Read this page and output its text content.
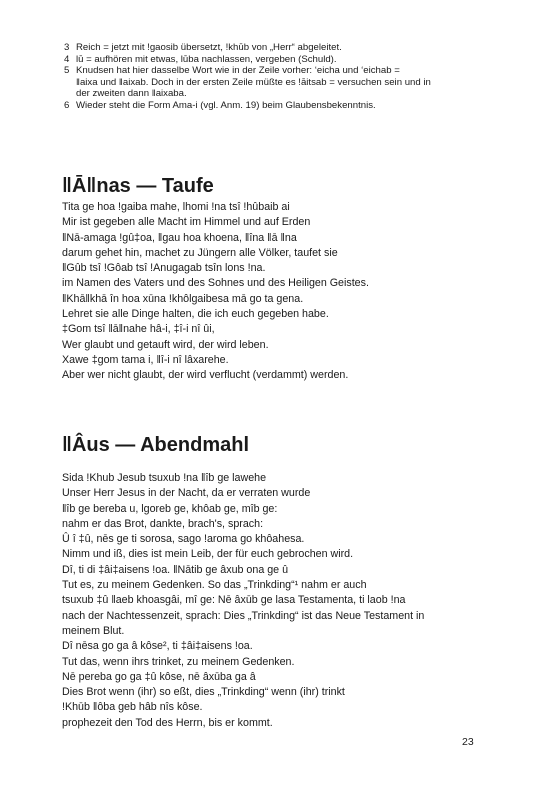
3 Reich = jetzt mit !gaosib übersetzt, !khūb von „Herr“ abgeleitet.
4 lū = aufhören mit etwas, lūba nachlassen, vergeben (Schuld).
5 Knudsen hat hier dasselbe Wort wie in der Zeile vorher: ‘eicha und ‘eichab =
ǁaixa und ǁaixab. Doch in der ersten Zeile müßte es !āitsab = versuchen sein und in
der zweiten dann ǁaixaba.
6 Wieder steht die Form Ama-i (vgl. Anm. 19) beim Glaubensbekenntnis.
ǁĀǁnas — Taufe
Tita ge hoa !gaiba mahe, lhomi !na tsî !hûbaib ai
Mir ist gegeben alle Macht im Himmel und auf Erden
ǁNā-amaga !gû‡oa, ǁgau hoa khoena, ǁîna ǁā ǁna
darum gehet hin, machet zu Jüngern alle Völker, taufet sie
ǁGûb tsî !Gôab tsî !Anugagab tsîn lons !na.
im Namen des Vaters und des Sohnes und des Heiligen Geistes.
ǁKhāǁkhā în hoa xūna !khôlgaibesa mā go ta gena.
Lehret sie alle Dinge halten, die ich euch gegeben habe.
‡Gom tsî ǁāǁnahe hâ-i, ‡î-i nî ûi,
Wer glaubt und getauft wird, der wird leben.
Xawe ‡gom tama i, ǁî-i nî lâxarehe.
Aber wer nicht glaubt, der wird verflucht (verdammt) werden.
ǁÂus — Abendmahl
Sida !Khub Jesub tsuxub !na ǁîb ge lawehe
Unser Herr Jesus in der Nacht, da er verraten wurde
ǁîb ge bereba u, lgoreb ge, khôab ge, mîb ge:
nahm er das Brot, dankte, brach's, sprach:
Û î ‡û, nēs ge ti sorosa, sago !aroma go khôahesa.
Nimm und iß, dies ist mein Leib, der für euch gebrochen wird.
Dî, ti di ‡âi‡aisens !oa. ǁNātib ge âxub ona ge û
Tut es, zu meinem Gedenken. So das „Trinkding“¹ nahm er auch
tsuxub ‡û ǁaeb khoasgâi, mî ge: Nē âxūb ge lasa Testamenta, ti laob !na
nach der Nachtessenzeit, sprach: Dies „Trinkding“ ist das Neue Testament in
meinem Blut.
Dî nēsa go ga â kôse², ti ‡âi‡aisens !oa.
Tut das, wenn ihrs trinket, zu meinem Gedenken.
Nē pereba go ga ‡û kôse, nē âxūba ga â
Dies Brot wenn (ihr) so eßt, dies „Trinkding“ wenn (ihr) trinkt
!Khūb ǁôba geb hâb nîs kôse.
prophezeit den Tod des Herrn, bis er kommt.
23
